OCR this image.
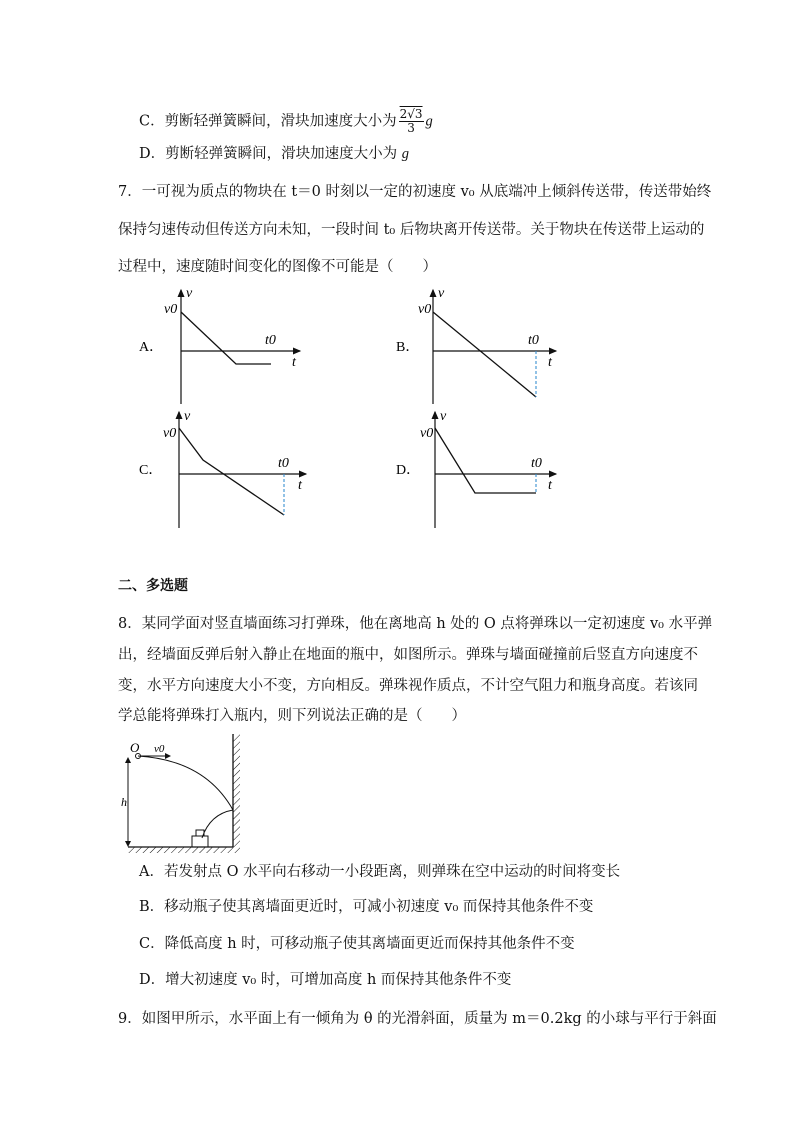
C．剪断轻弹簧瞬间，滑块加速度大小为 $\frac{2√3}{3}$ g
D．剪断轻弹簧瞬间，滑块加速度大小为 g
7．一可视为质点的物块在 t＝0 时刻以一定的初速度 v₀ 从底端冲上倾斜传送带，传送带始终
保持匀速传动但传送方向未知，一段时间 t₀ 后物块离开传送带。关于物块在传送带上运动的
过程中，速度随时间变化的图像不可能是（　　）
A．
v
t
v0
t0	B．
v
t
v0
t0
C．
v
t
v0
t0	D．
v
t
v0
t0
二、多选题
8．某同学面对竖直墙面练习打弹珠，他在离地高 h 处的 O 点将弹珠以一定初速度 v₀ 水平弹
出，经墙面反弹后射入静止在地面的瓶中，如图所示。弹珠与墙面碰撞前后竖直方向速度不
变，水平方向速度大小不变，方向相反。弹珠视作质点，不计空气阻力和瓶身高度。若该同
学总能将弹珠打入瓶内，则下列说法正确的是（　　）
O v0
h
A．若发射点 O 水平向右移动一小段距离，则弹珠在空中运动的时间将变长
B．移动瓶子使其离墙面更近时，可减小初速度 v₀ 而保持其他条件不变
C．降低高度 h 时，可移动瓶子使其离墙面更近而保持其他条件不变
D．增大初速度 v₀ 时，可增加高度 h 而保持其他条件不变
9．如图甲所示，水平面上有一倾角为 θ 的光滑斜面，质量为 m＝0.2kg 的小球与平行于斜面
